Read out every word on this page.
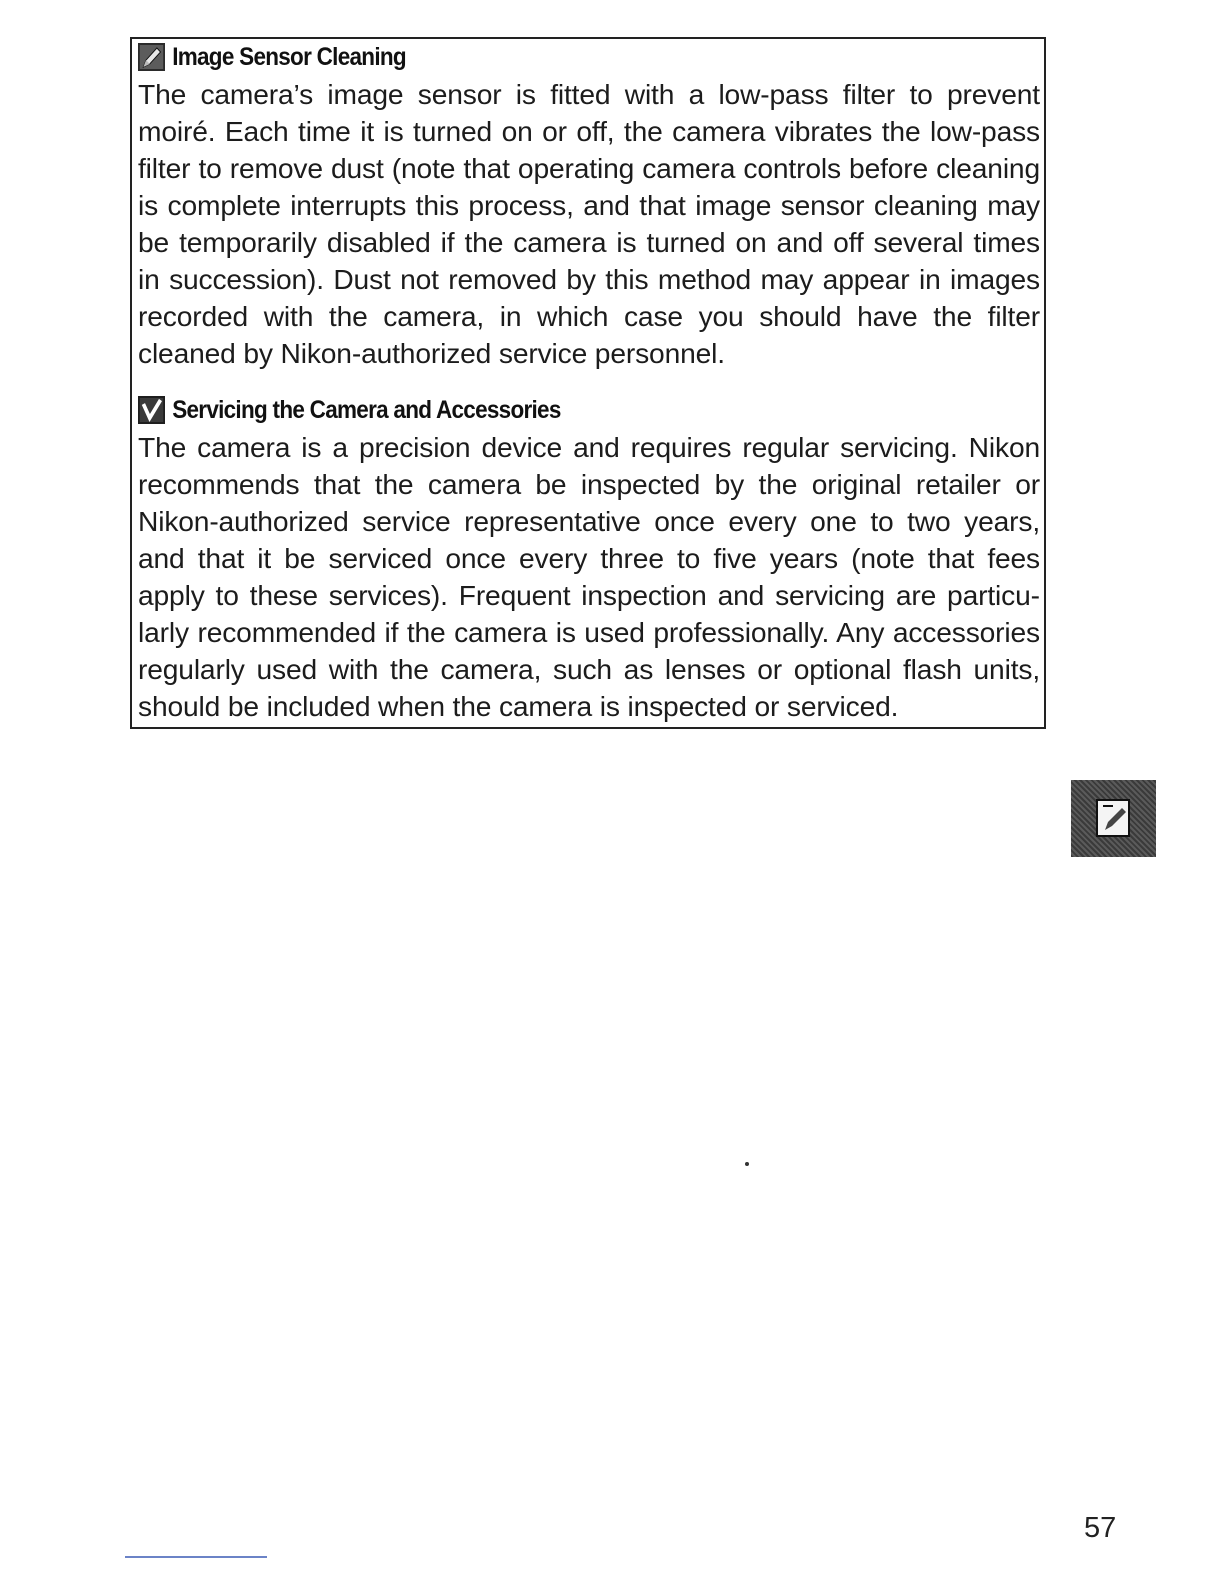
Image Sensor Cleaning

The camera’s image sensor is fitted with a low-pass filter to prevent moiré. Each time it is turned on or off, the camera vibrates the low-pass filter to remove dust (note that operating camera controls before cleaning is complete interrupts this process, and that image sensor cleaning may be temporarily disabled if the camera is turned on and off several times in succession). Dust not removed by this method may appear in images recorded with the camera, in which case you should have the filter cleaned by Nikon-authorized service personnel.

Servicing the Camera and Accessories

The camera is a precision device and requires regular servicing. Nikon recommends that the camera be inspected by the original retailer or Nikon-authorized service representative once every one to two years, and that it be serviced once every three to five years (note that fees apply to these services). Frequent inspection and servicing are particularly recommended if the camera is used professionally. Any accessories regularly used with the camera, such as lenses or optional flash units, should be included when the camera is inspected or serviced.

57
